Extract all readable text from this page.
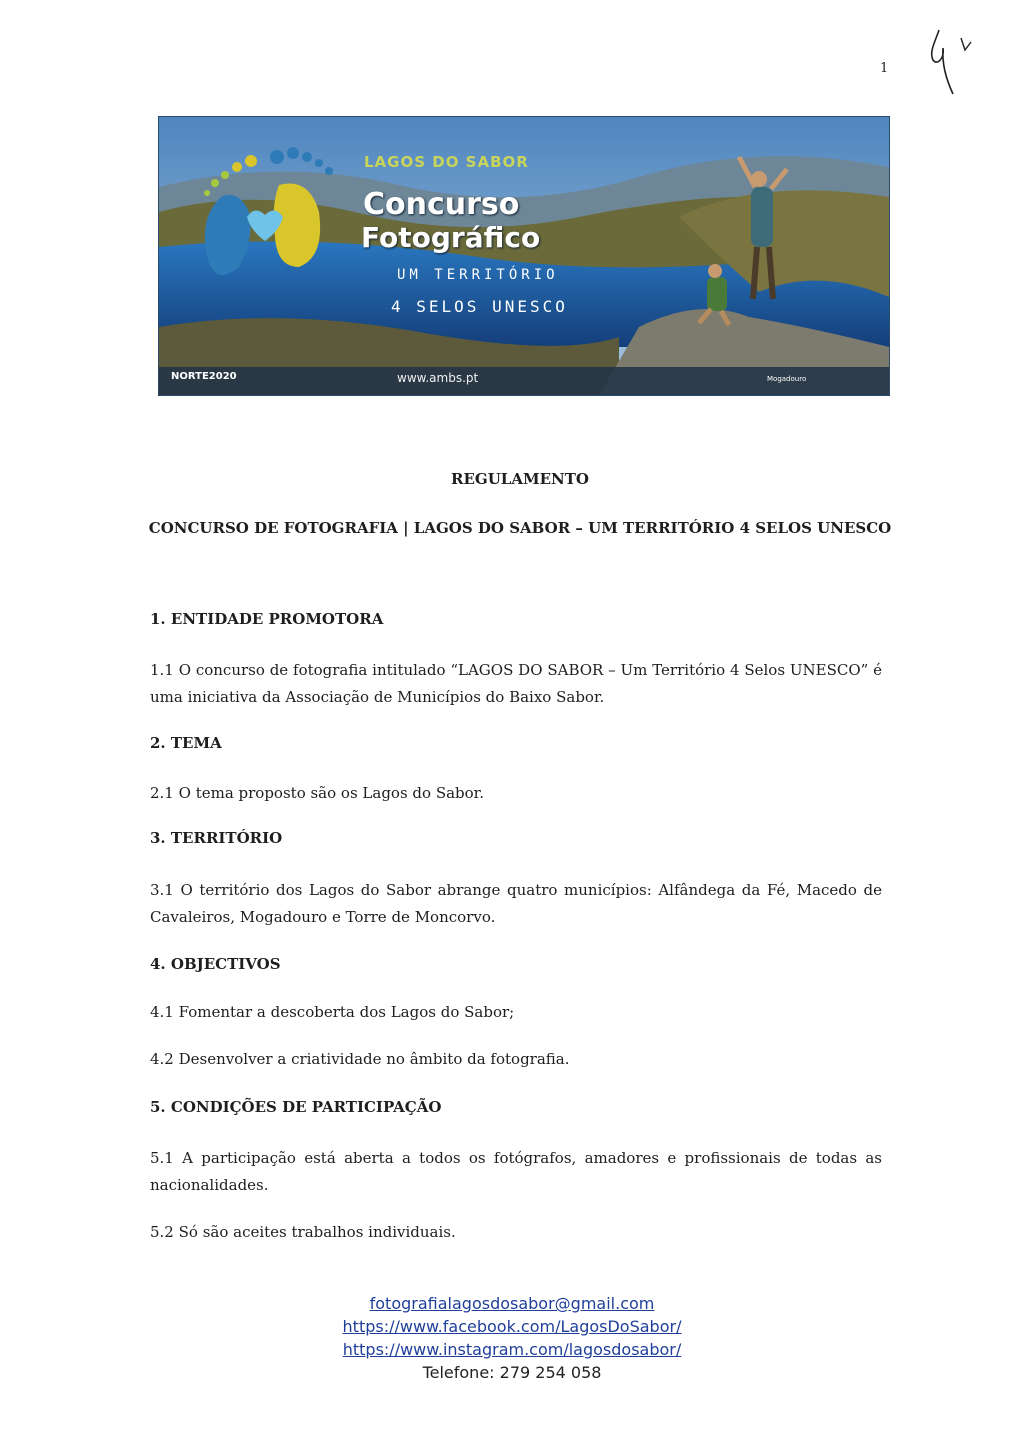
1
LAGOS DO SABOR
Concurso
Fotográfico
UM TERRITÓRIO
4 SELOS UNESCO
www.ambs.pt
NORTE2020	Mogadouro
REGULAMENTO
CONCURSO DE FOTOGRAFIA | LAGOS DO SABOR – UM TERRITÓRIO 4 SELOS UNESCO
1. ENTIDADE PROMOTORA
1.1 O concurso de fotografia intitulado “LAGOS DO SABOR – Um Território 4 Selos UNESCO” é uma iniciativa da Associação de Municípios do Baixo Sabor.
2. TEMA
2.1 O tema proposto são os Lagos do Sabor.
3. TERRITÓRIO
3.1 O território dos Lagos do Sabor abrange quatro municípios: Alfândega da Fé, Macedo de Cavaleiros, Mogadouro e Torre de Moncorvo.
4. OBJECTIVOS
4.1 Fomentar a descoberta dos Lagos do Sabor;
4.2 Desenvolver a criatividade no âmbito da fotografia.
5. CONDIÇÕES DE PARTICIPAÇÃO
5.1 A participação está aberta a todos os fotógrafos, amadores e profissionais de todas as nacionalidades.
5.2 Só são aceites trabalhos individuais.
fotografialagosdosabor@gmail.com
https://www.facebook.com/LagosDoSabor/
https://www.instagram.com/lagosdosabor/
Telefone: 279 254 058
